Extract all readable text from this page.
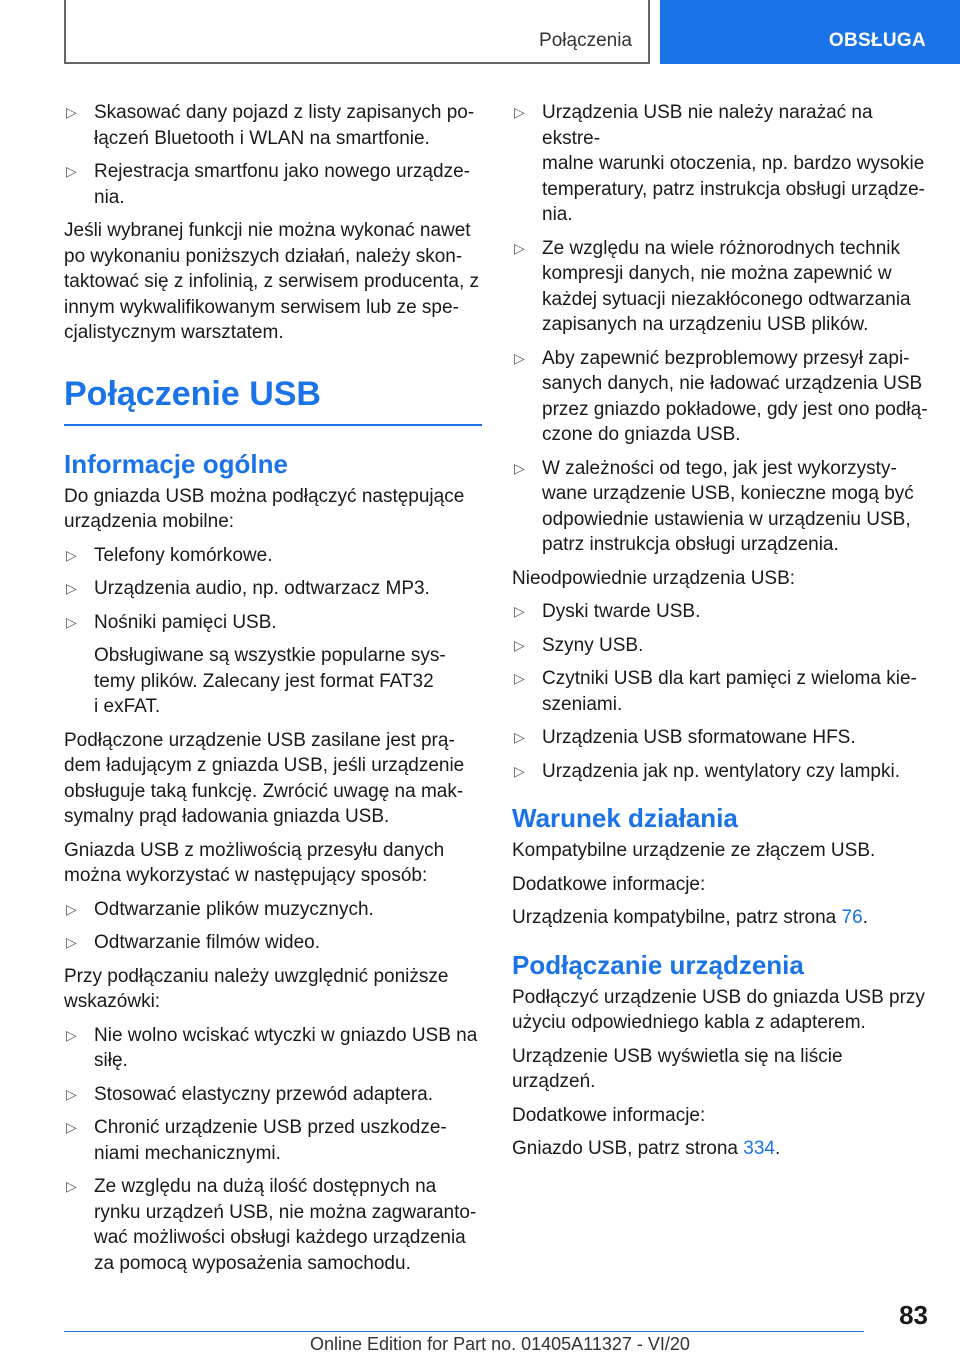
Połączenia	OBSŁUGA
▷ Skasować dany pojazd z listy zapisanych po-
łączeń Bluetooth i WLAN na smartfonie.
▷ Rejestracja smartfonu jako nowego urządze-
nia.
Jeśli wybranej funkcji nie można wykonać nawet
po wykonaniu poniższych działań, należy skon-
taktować się z infolinią, z serwisem producenta, z
innym wykwalifikowanym serwisem lub ze spe-
cjalistycznym warsztatem.
Połączenie USB
Informacje ogólne
Do gniazda USB można podłączyć następujące
urządzenia mobilne:
▷ Telefony komórkowe.
▷ Urządzenia audio, np. odtwarzacz MP3.
▷ Nośniki pamięci USB.
Obsługiwane są wszystkie popularne sys-
temy plików. Zalecany jest format FAT32
i exFAT.
Podłączone urządzenie USB zasilane jest prą-
dem ładującym z gniazda USB, jeśli urządzenie
obsługuje taką funkcję. Zwrócić uwagę na mak-
symalny prąd ładowania gniazda USB.
Gniazda USB z możliwością przesyłu danych
można wykorzystać w następujący sposób:
▷ Odtwarzanie plików muzycznych.
▷ Odtwarzanie filmów wideo.
Przy podłączaniu należy uwzględnić poniższe
wskazówki:
▷ Nie wolno wciskać wtyczki w gniazdo USB na
siłę.
▷ Stosować elastyczny przewód adaptera.
▷ Chronić urządzenie USB przed uszkodze-
niami mechanicznymi.
▷ Ze względu na dużą ilość dostępnych na
rynku urządzeń USB, nie można zagwaranto-
wać możliwości obsługi każdego urządzenia
za pomocą wyposażenia samochodu.
▷ Urządzenia USB nie należy narażać na ekstre-
malne warunki otoczenia, np. bardzo wysokie
temperatury, patrz instrukcja obsługi urządze-
nia.
▷ Ze względu na wiele różnorodnych technik
kompresji danych, nie można zapewnić w
każdej sytuacji niezakłóconego odtwarzania
zapisanych na urządzeniu USB plików.
▷ Aby zapewnić bezproblemowy przesył zapi-
sanych danych, nie ładować urządzenia USB
przez gniazdo pokładowe, gdy jest ono podłą-
czone do gniazda USB.
▷ W zależności od tego, jak jest wykorzysty-
wane urządzenie USB, konieczne mogą być
odpowiednie ustawienia w urządzeniu USB,
patrz instrukcja obsługi urządzenia.
Nieodpowiednie urządzenia USB:
▷ Dyski twarde USB.
▷ Szyny USB.
▷ Czytniki USB dla kart pamięci z wieloma kie-
szeniami.
▷ Urządzenia USB sformatowane HFS.
▷ Urządzenia jak np. wentylatory czy lampki.
Warunek działania
Kompatybilne urządzenie ze złączem USB.
Dodatkowe informacje:
Urządzenia kompatybilne, patrz strona 76.
Podłączanie urządzenia
Podłączyć urządzenie USB do gniazda USB przy
użyciu odpowiedniego kabla z adapterem.
Urządzenie USB wyświetla się na liście urządzeń.
Dodatkowe informacje:
Gniazdo USB, patrz strona 334.
83
Online Edition for Part no. 01405A11327 - VI/20
